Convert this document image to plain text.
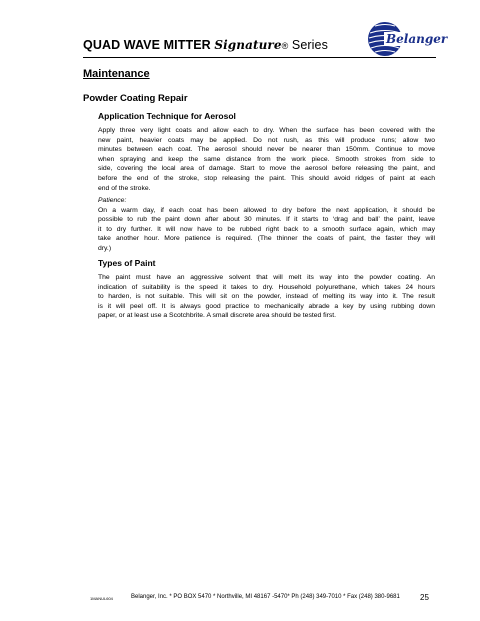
QUAD WAVE MITTER Signature® Series	Belanger
Maintenance
Powder Coating Repair
Application Technique for Aerosol
Apply three very light coats and allow each to dry. When the surface has been covered with the
new paint, heavier coats may be applied. Do not rush, as this will produce runs; allow two
minutes between each coat. The aerosol should never be nearer than 150mm. Continue to move
when spraying and keep the same distance from the work piece. Smooth strokes from side to
side, covering the local area of damage. Start to move the aerosol before releasing the paint, and
before the end of the stroke, stop releasing the paint. This should avoid ridges of paint at each
end of the stroke.
Patience:
On a warm day, if each coat has been allowed to dry before the next application, it should be
possible to rub the paint down after about 30 minutes. If it starts to ‘drag and ball’ the paint, leave
it to dry further. It will now have to be rubbed right back to a smooth surface again, which may
take another hour. More patience is required. (The thinner the coats of paint, the faster they will
dry.)
Types of Paint
The paint must have an aggressive solvent that will melt its way into the powder coating. An
indication of suitability is the speed it takes to dry. Household polyurethane, which takes 24 hours
to harden, is not suitable. This will sit on the powder, instead of melting its way into it. The result
is it will peel off. It is always good practice to mechanically abrade a key by using rubbing down
paper, or at least use a Scotchbrite. A small discrete area should be tested first.
1MANUL604	Belanger, Inc. * PO BOX 5470 * Northville, MI 48167 -5470* Ph (248) 349-7010 * Fax (248) 380-9681	25
